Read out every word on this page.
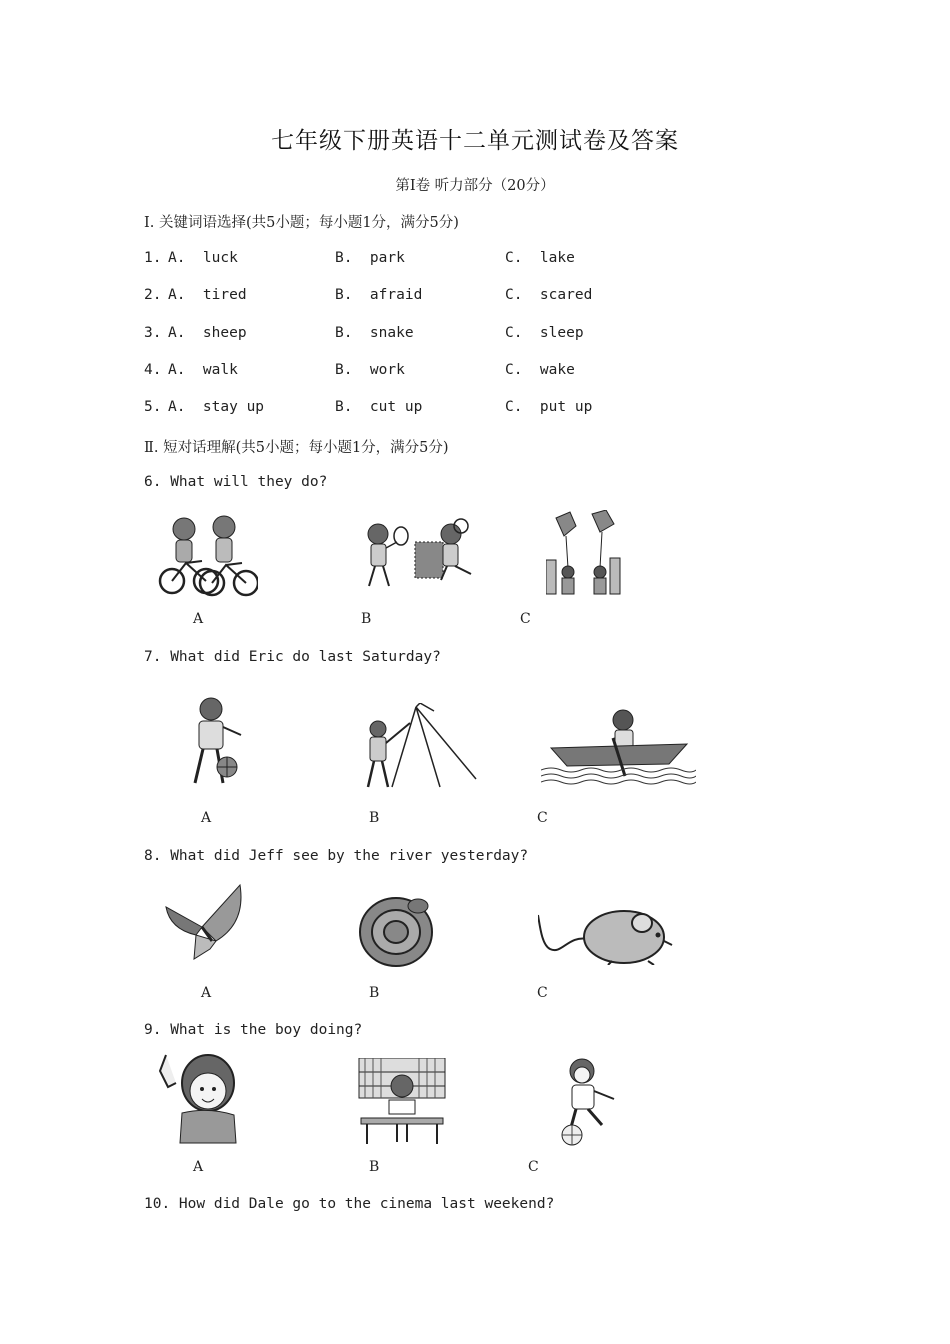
七年级下册英语十二单元测试卷及答案
第Ⅰ卷 听力部分（20分）
Ⅰ. 关键词语选择(共5小题；每小题1分，满分5分)
1. A.  luck	B.  park	C.  lake
2. A.  tired	B.  afraid	C.  scared
3. A.  sheep	B.  snake	C.  sleep
4. A.  walk	B.  work	C.  wake
5. A.  stay up	B.  cut up	C.  put up
Ⅱ. 短对话理解(共5小题；每小题1分，满分5分)
6. What will they do?
A	B	C
7. What did Eric do last Saturday?
A	B	C
8. What did Jeff see by the river yesterday?
A	B	C
9. What is the boy doing?
A	B	C
10. How did Dale go to the cinema last weekend?
